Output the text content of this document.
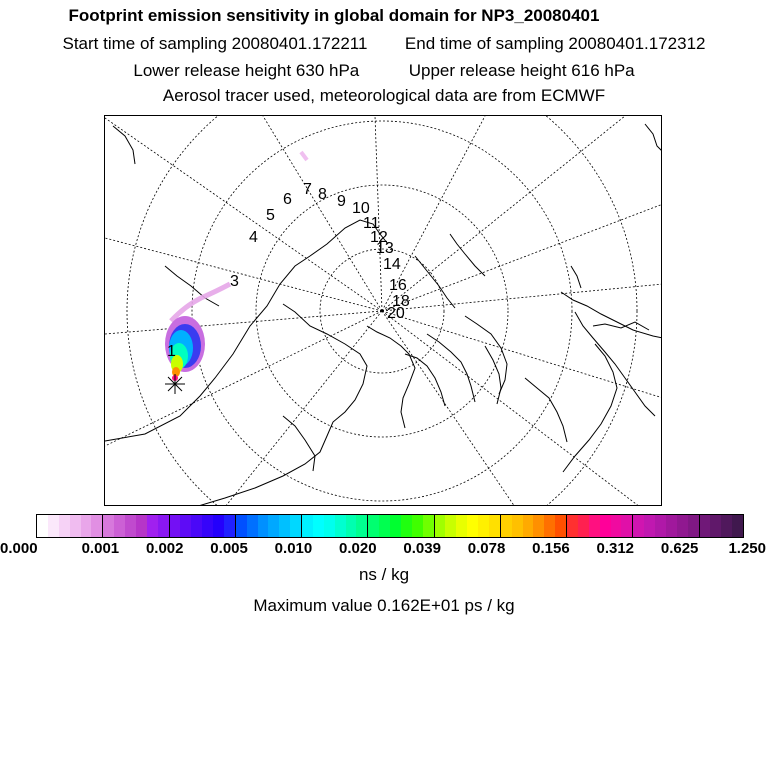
Footprint emission sensitivity in global domain for NP3_20080401
Start time of sampling 20080401.172211 End time of sampling 20080401.172312
Lower release height 630 hPa	Upper release height 616 hPa
Aerosol tracer used, meteorological data are from ECMWF
1
3
4
5
6
7 8 9 10
11
12
13
14
16
18
20
0.000	0.001 0.002 0.005 0.010 0.020 0.039 0.078 0.156 0.312 0.625 1.250
ns / kg
Maximum value 0.162E+01 ps / kg
